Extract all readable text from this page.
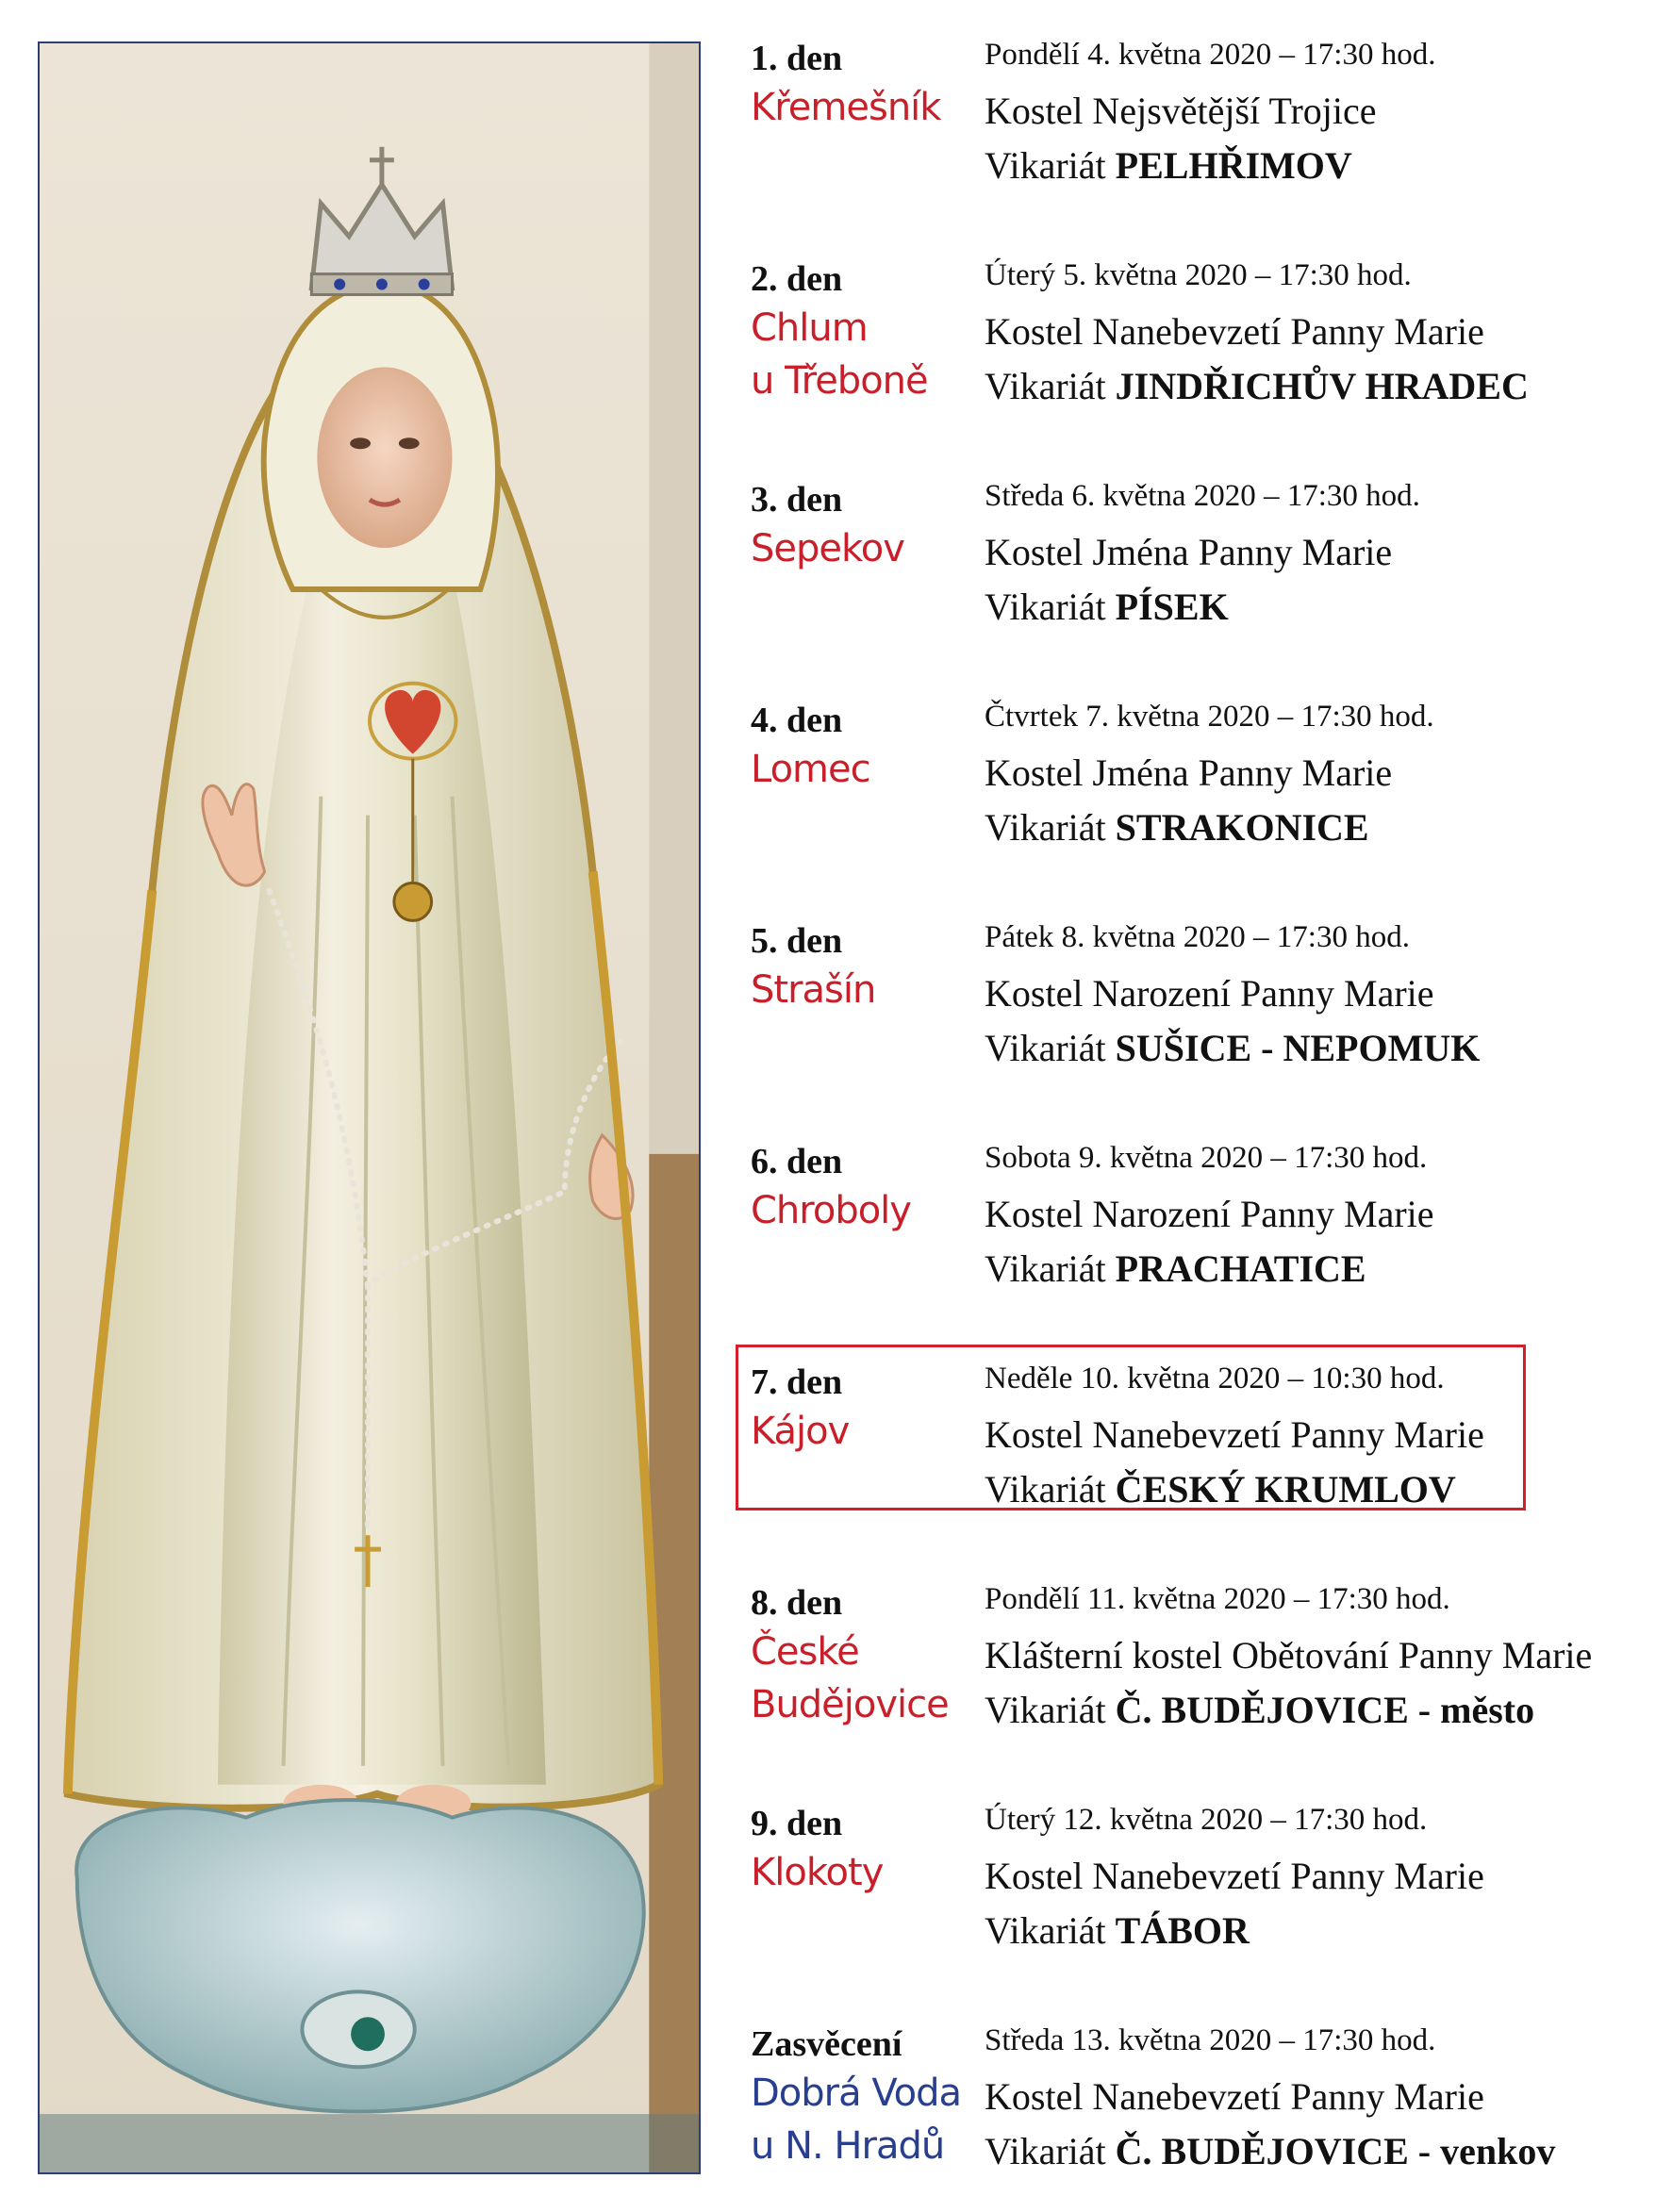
1. den
Křemešník
Pondělí 4. května 2020 – 17:30 hod.
Kostel Nejsvětější Trojice
Vikariát PELHŘIMOV
2. den
Chlum
u Třeboně
Úterý 5. května 2020 – 17:30 hod.
Kostel Nanebevzetí Panny Marie
Vikariát JINDŘICHŮV HRADEC
3. den
Sepekov
Středa 6. května 2020 – 17:30 hod.
Kostel Jména Panny Marie
Vikariát PÍSEK
4. den
Lomec
Čtvrtek 7. května 2020 – 17:30 hod.
Kostel Jména Panny Marie
Vikariát STRAKONICE
5. den
Strašín
Pátek 8. května 2020 – 17:30 hod.
Kostel Narození Panny Marie
Vikariát SUŠICE - NEPOMUK
6. den
Chroboly
Sobota 9. května 2020 – 17:30 hod.
Kostel Narození Panny Marie
Vikariát PRACHATICE
7. den
Kájov
Neděle 10. května 2020 – 10:30 hod.
Kostel Nanebevzetí Panny Marie
Vikariát ČESKÝ KRUMLOV
8. den
České
Budějovice
Pondělí 11. května 2020 – 17:30 hod.
Klášterní kostel Obětování Panny Marie
Vikariát Č. BUDĚJOVICE - město
9. den
Klokoty
Úterý 12. května 2020 – 17:30 hod.
Kostel Nanebevzetí Panny Marie
Vikariát TÁBOR
Zasvěcení
Dobrá Voda
u N. Hradů
Středa 13. května 2020 – 17:30 hod.
Kostel Nanebevzetí Panny Marie
Vikariát Č. BUDĚJOVICE - venkov
